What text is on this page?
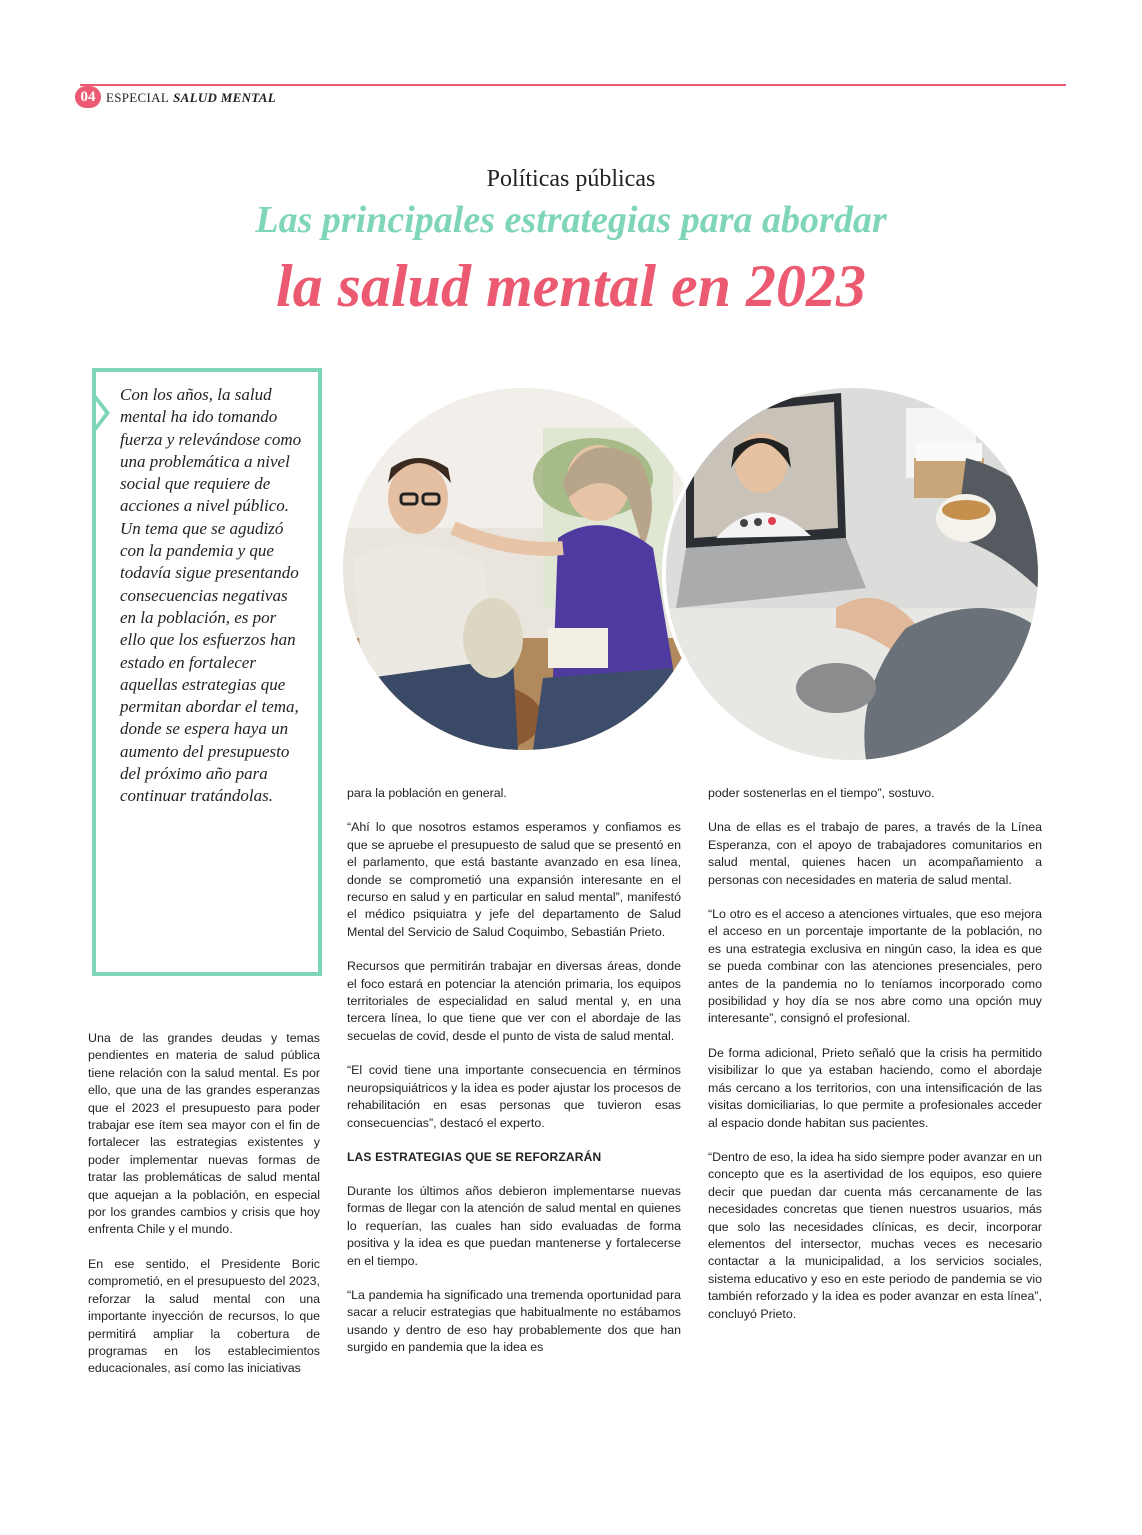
04 ESPECIAL SALUD MENTAL
Políticas públicas
Las principales estrategias para abordar
la salud mental en 2023
Con los años, la salud mental ha ido tomando fuerza y relevándose como una problemática a nivel social que requiere de acciones a nivel público. Un tema que se agudizó con la pandemia y que todavía sigue presentando consecuencias negativas en la población, es por ello que los esfuerzos han estado en fortalecer aquellas estrategias que permitan abordar el tema, donde se espera haya un aumento del presupuesto del próximo año para continuar tratándolas.

Una de las grandes deudas y temas pendientes en materia de salud pública tiene relación con la salud mental. Es por ello, que una de las grandes esperanzas que el 2023 el presupuesto para poder trabajar ese ítem sea mayor con el fin de fortalecer las estrategias existentes y poder implementar nuevas formas de tratar las problemáticas de salud mental que aquejan a la población, en especial por los grandes cambios y crisis que hoy enfrenta Chile y el mundo.

En ese sentido, el Presidente Boric comprometió, en el presupuesto del 2023, reforzar la salud mental con una importante inyección de recursos, lo que permitirá ampliar la cobertura de programas en los establecimientos educacionales, así como las iniciativas

para la población en general.

“Ahí lo que nosotros estamos esperamos y confiamos es que se apruebe el presupuesto de salud que se presentó en el parlamento, que está bastante avanzado en esa línea, donde se comprometió una expansión interesante en el recurso en salud y en particular en salud mental”, manifestó el médico psiquiatra y jefe del departamento de Salud Mental del Servicio de Salud Coquimbo, Sebastián Prieto.

Recursos que permitirán trabajar en diversas áreas, donde el foco estará en potenciar la atención primaria, los equipos territoriales de especialidad en salud mental y, en una tercera línea, lo que tiene que ver con el abordaje de las secuelas de covid, desde el punto de vista de salud mental.

“El covid tiene una importante consecuencia en términos neuropsiquiátricos y la idea es poder ajustar los procesos de rehabilitación en esas personas que tuvieron esas consecuencias”, destacó el experto.

LAS ESTRATEGIAS QUE SE REFORZARÁN

Durante los últimos años debieron implementarse nuevas formas de llegar con la atención de salud mental en quienes lo requerían, las cuales han sido evaluadas de forma positiva y la idea es que puedan mantenerse y fortalecerse en el tiempo.

“La pandemia ha significado una tremenda oportunidad para sacar a relucir estrategias que habitualmente no estábamos usando y dentro de eso hay probablemente dos que han surgido en pandemia que la idea es

poder sostenerlas en el tiempo”, sostuvo.

Una de ellas es el trabajo de pares, a través de la Línea Esperanza, con el apoyo de trabajadores comunitarios en salud mental, quienes hacen un acompañamiento a personas con necesidades en materia de salud mental.

“Lo otro es el acceso a atenciones virtuales, que eso mejora el acceso en un porcentaje importante de la población, no es una estrategia exclusiva en ningún caso, la idea es que se pueda combinar con las atenciones presenciales, pero antes de la pandemia no lo teníamos incorporado como posibilidad y hoy día se nos abre como una opción muy interesante”, consignó el profesional.

De forma adicional, Prieto señaló que la crisis ha permitido visibilizar lo que ya estaban haciendo, como el abordaje más cercano a los territorios, con una intensificación de las visitas domiciliarias, lo que permite a profesionales acceder al espacio donde habitan sus pacientes.

“Dentro de eso, la idea ha sido siempre poder avanzar en un concepto que es la asertividad de los equipos, eso quiere decir que puedan dar cuenta más cercanamente de las necesidades concretas que tienen nuestros usuarios, más que solo las necesidades clínicas, es decir, incorporar elementos del intersector, muchas veces es necesario contactar a la municipalidad, a los servicios sociales, sistema educativo y eso en este periodo de pandemia se vio también reforzado y la idea es poder avanzar en esta línea”, concluyó Prieto.
